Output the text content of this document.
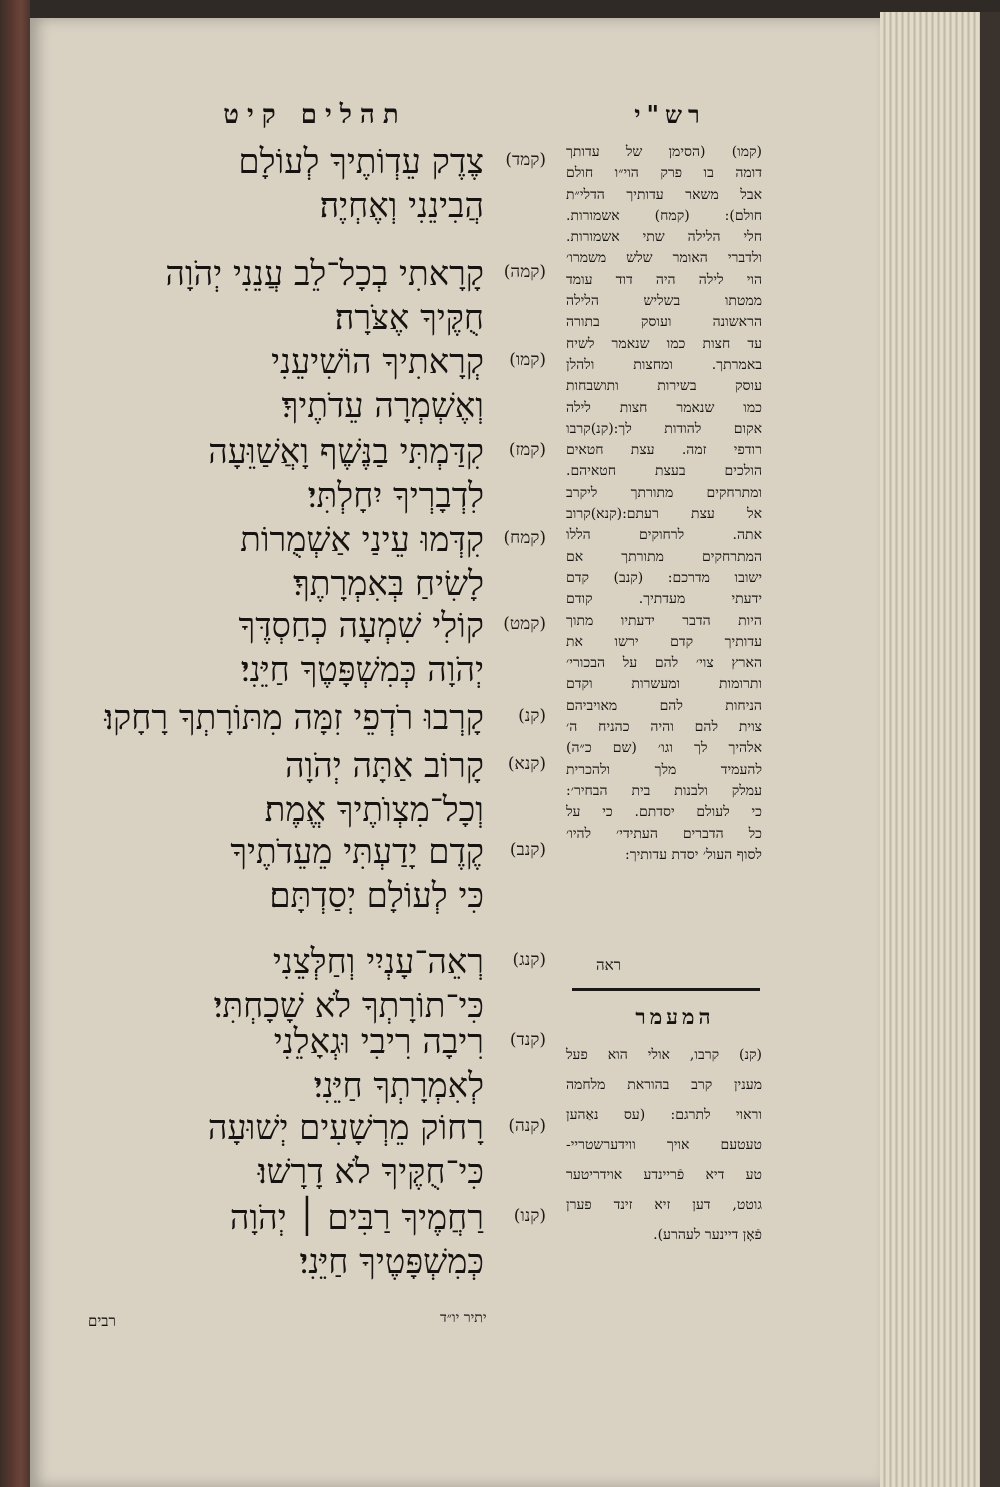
רש"י
תהלים קיט
(קמד)
צֶדֶק עֵדְוֹתֶיךָ לְעוֹלָם
הֲבִינֵנִי וְאֶחְיֶה׃
(קמה)
קָרָאתִי בְכָל־לֵב עֲנֵנִי יְהֹוָה
חֻקֶּיךָ אֶצֹּרָה׃
(קמו)
קְרָאתִיךָ הוֹשִׁיעֵנִי
וְאֶשְׁמְרָה עֵדֹתֶיךָ׃
(קמז)
קִדַּמְתִּי בַנֶּשֶׁף וָאֲשַׁוֵּעָה
לִדְבָרְיךָ יִחָלְתִּי׃
(קמח)
קִדְּמוּ עֵינַי אַשְׁמֻרוֹת
לָשִׂיחַ בְּאִמְרָתֶךָ׃
(קמט)
קוֹלִי שִׁמְעָה כְחַסְדֶּךָ
יְהֹוָה כְּמִשְׁפָּטֶךָ חַיֵּנִי׃
(קנ)
קָרְבוּ רֹדְפֵי זִמָּה מִתּוֹרָתְךָ רָחָקוּ׃
(קנא)
קָרוֹב אַתָּה יְהֹוָה
וְכָל־מִצְוֺתֶיךָ אֱמֶת׃
(קנב)
קֶדֶם יָדַעְתִּי מֵעֵדֹתֶיךָ
כִּי לְעוֹלָם יְסַדְתָּם׃
(קנג)
רְאֵה־עָנְיִי וְחַלְּצֵנִי
כִּי־תוֹרָתְךָ לֹא שָׁכָחְתִּי׃
(קנד)
רִיבָה רִיבִי וּגְאָלֵנִי
לְאִמְרָתְךָ חַיֵּנִי׃
(קנה)
רָחוֹק מֵרְשָׁעִים יְשׁוּעָה
כִּי־חֻקֶּיךָ לֹא דָרָשׁוּ׃
(קנו)
רַחֲמֶיךָ רַבִּים ׀ יְהֹוָה
כְּמִשְׁפָּטֶיךָ חַיֵּנִי׃
(קמו) (הסימן של עדותך
דומה בו פרק הוי״ו חולם
אבל משאר עדותיך הדלי״ת
חולם): (קמח) אשמורות.
חלי הלילה שתי אשמורות.
ולדברי האומר שלש משמרו׳
הוי לילה היה דוד עומד
ממטתו בשליש הלילה
הראשונה ועוסק בתורה
עד חצות כמו שנאמר לשיח
באמרתך. ומחצות ולהלן
עוסק בשירות ותושבחות
כמו שנאמר חצות לילה
אקום להודות לך:(קנ)קרבו
רודפי זמה. עצת חטאים
הולכים בעצת חטאיהם.
ומתרחקים מתורתך ליקרב
אל עצת רעתם:(קנא)קרוב
אתה. לרחוקים הללו
המתרחקים מתורתך אם
ישובו מדרכם: (קנב) קדם
ידעתי מעדתיך. קודם
היות הדבר ידעתיו מתוך
עדותיך קדם ירשו את
הארץ צוי׳ להם על הבכורי׳
ותרומות ומעשרות וקדם
הניחות להם מאויביהם
צוית להם והיה כהניח ה׳
אלהיך לך וגו׳ (שם כ״ה)
להעמיד מלך ולהכרית
עמלק ולבנות בית הבחיר׳:
כי לעולם יסדתם. כי על
כל הדברים העתידי׳ להיו׳
לסוף העול׳ יסדת עדותיך:
ראה
המעמר
(קנ) קרבו, אולי הוא פעל
מענין קרב בהוראת מלחמה
וראוי לתרגם: (עס נאַהען
טעטעם אויך ווידערשטריי-
טע דיא פֿריינדע אוידריטער
גוטט, דען זיא זינד פערן
פֿאָן דיינער לעהרע).
יתיר יו״ד
רבים
